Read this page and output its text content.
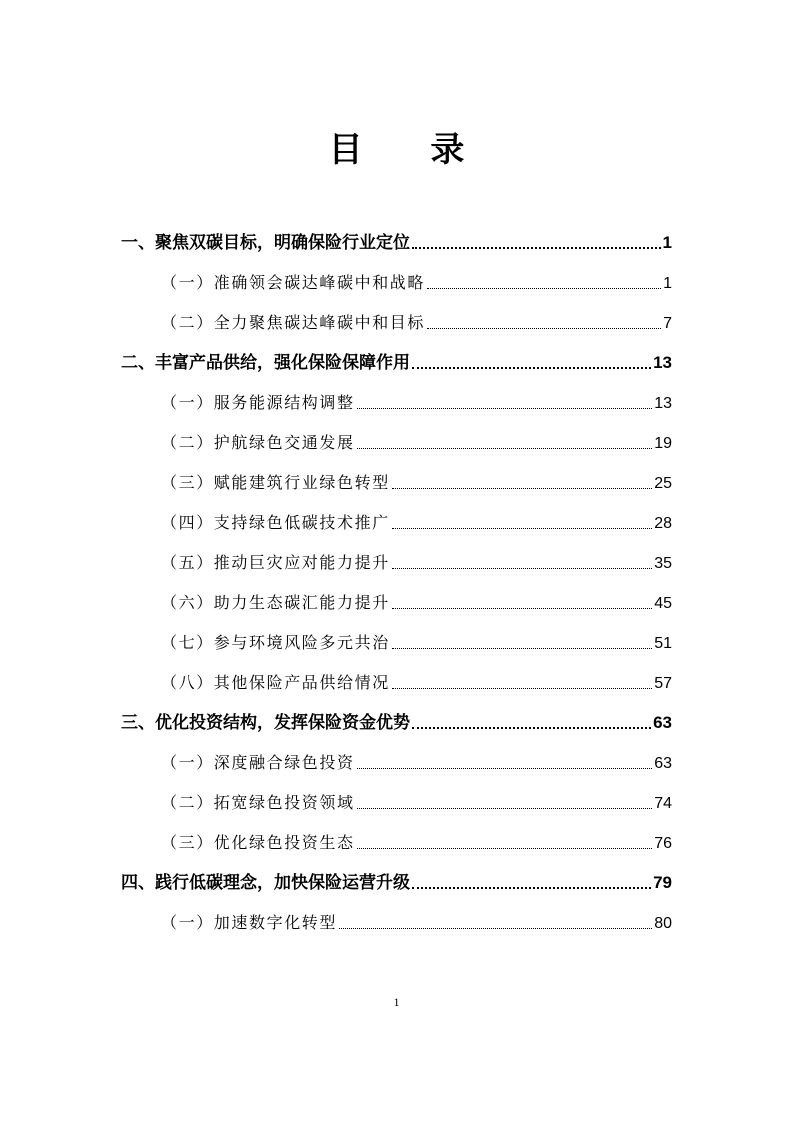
目 录
一、聚焦双碳目标，明确保险行业定位	1
（一）准确领会碳达峰碳中和战略	1
（二）全力聚焦碳达峰碳中和目标	7
二、丰富产品供给，强化保险保障作用	13
（一）服务能源结构调整	13
（二）护航绿色交通发展	19
（三）赋能建筑行业绿色转型	25
（四）支持绿色低碳技术推广	28
（五）推动巨灾应对能力提升	35
（六）助力生态碳汇能力提升	45
（七）参与环境风险多元共治	51
（八）其他保险产品供给情况	57
三、优化投资结构，发挥保险资金优势	63
（一）深度融合绿色投资	63
（二）拓宽绿色投资领域	74
（三）优化绿色投资生态	76
四、践行低碳理念，加快保险运营升级	79
（一）加速数字化转型	80
1
